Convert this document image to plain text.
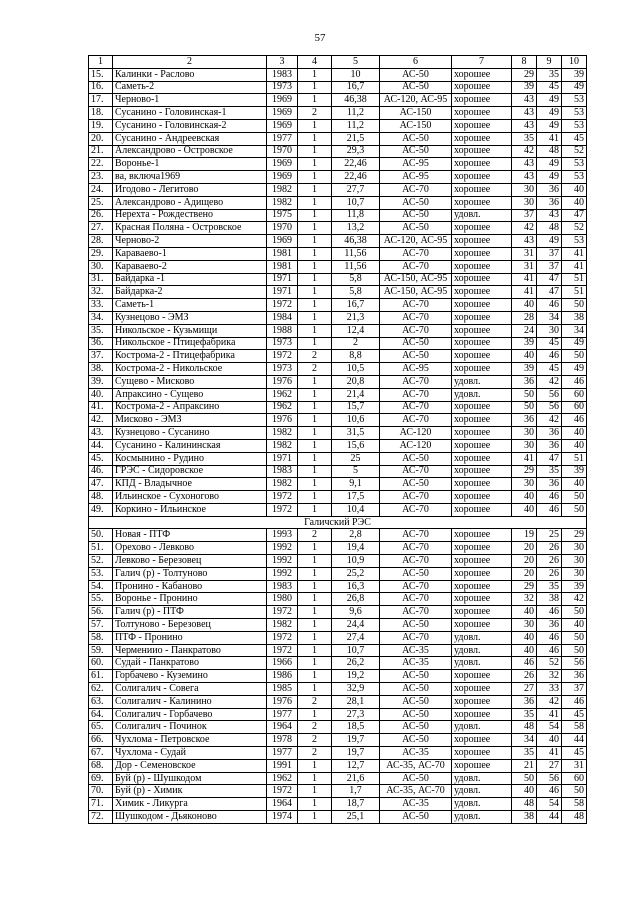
57
1	2	3	4	5	6	7	8	9	10
15.	Калинки - Раслово	1983	1	10	АС-50	хорошее	29	35	39
16.	Саметь-2	1973	1	16,7	АС-50	хорошее	39	45	49
17.	Черново-1	1969	1	46,38	АС-120, АС-95	хорошее	43	49	53
18.	Сусанино - Головинская-1	1969	2	11,2	АС-150	хорошее	43	49	53
19.	Сусанино - Головинская-2	1969	1	11,2	АС-150	хорошее	43	49	53
20.	Сусанино - Андреевская	1977	1	21,5	АС-50	хорошее	35	41	45
21.	Александрово - Островское	1970	1	29,3	АС-50	хорошее	42	48	52
22.	Воронье-1	1969	1	22,46	АС-95	хорошее	43	49	53
23.	ва, включа1969	1969	1	22,46	АС-95	хорошее	43	49	53
24.	Игодово - Легитово	1982	1	27,7	АС-70	хорошее	30	36	40
25.	Александрово - Адищево	1982	1	10,7	АС-50	хорошее	30	36	40
26.	Нерехта - Рождествено	1975	1	11,8	АС-50	удовл.	37	43	47
27.	Красная Поляна - Островское	1970	1	13,2	АС-50	хорошее	42	48	52
28.	Черново-2	1969	1	46,38	АС-120, АС-95	хорошее	43	49	53
29.	Караваево-1	1981	1	11,56	АС-70	хорошее	31	37	41
30.	Караваево-2	1981	1	11,56	АС-70	хорошее	31	37	41
31.	Байдарка -1	1971	1	5,8	АС-150, АС-95	хорошее	41	47	51
32.	Байдарка-2	1971	1	5,8	АС-150, АС-95	хорошее	41	47	51
33.	Саметь-1	1972	1	16,7	АС-70	хорошее	40	46	50
34.	Кузнецово - ЭМЗ	1984	1	21,3	АС-70	хорошее	28	34	38
35.	Никольское - Кузьмищи	1988	1	12,4	АС-70	хорошее	24	30	34
36.	Никольское - Птицефабрика	1973	1	2	АС-50	хорошее	39	45	49
37.	Кострома-2 - Птицефабрика	1972	2	8,8	АС-50	хорошее	40	46	50
38.	Кострома-2 - Никольское	1973	2	10,5	АС-95	хорошее	39	45	49
39.	Сущево - Мисково	1976	1	20,8	АС-70	удовл.	36	42	46
40.	Апраксино - Сущево	1962	1	21,4	АС-70	удовл.	50	56	60
41.	Кострома-2 - Апраксино	1962	1	15,7	АС-70	хорошее	50	56	60
42.	Мисково - ЭМЗ	1976	1	10,6	АС-70	хорошее	36	42	46
43.	Кузнецово - Сусанино	1982	1	31,5	АС-120	хорошее	30	36	40
44.	Сусанино - Калининская	1982	1	15,6	АС-120	хорошее	30	36	40
45.	Космынино - Рудино	1971	1	25	АС-50	хорошее	41	47	51
46.	ГРЭС - Сидоровское	1983	1	5	АС-70	хорошее	29	35	39
47.	КПД - Владычное	1982	1	9,1	АС-50	хорошее	30	36	40
48.	Ильинское - Сухоногово	1972	1	17,5	АС-70	хорошее	40	46	50
49.	Коркино - Ильинское	1972	1	10,4	АС-70	хорошее	40	46	50
Галичский РЭС									
50.	Новая - ПТФ	1993	2	2,8	АС-70	хорошее	19	25	29
51.	Орехово - Левково	1992	1	19,4	АС-70	хорошее	20	26	30
52.	Левково - Березовец	1992	1	10,9	АС-70	хорошее	20	26	30
53.	Галич (р) - Толтуново	1992	1	25,2	АС-50	хорошее	20	26	30
54.	Пронино - Кабаново	1983	1	16,3	АС-70	хорошее	29	35	39
55.	Воронье - Пронино	1980	1	26,8	АС-70	хорошее	32	38	42
56.	Галич (р) - ПТФ	1972	1	9,6	АС-70	хорошее	40	46	50
57.	Толтуново - Березовец	1982	1	24,4	АС-50	хорошее	30	36	40
58.	ПТФ - Пронино	1972	1	27,4	АС-70	удовл.	40	46	50
59.	Чермениио - Панкратово	1972	1	10,7	АС-35	удовл.	40	46	50
60.	Судай - Панкратово	1966	1	26,2	АС-35	удовл.	46	52	56
61.	Горбачево - Куземино	1986	1	19,2	АС-50	хорошее	26	32	36
62.	Солигалич - Совега	1985	1	32,9	АС-50	хорошее	27	33	37
63.	Солигалич - Калинино	1976	2	28,1	АС-50	хорошее	36	42	46
64.	Солигалич - Горбачево	1977	1	27,3	АС-50	хорошее	35	41	45
65.	Солигалич - Починок	1964	2	18,5	АС-50	удовл.	48	54	58
66.	Чухлома - Петровское	1978	2	19,7	АС-50	хорошее	34	40	44
67.	Чухлома - Судай	1977	2	19,7	АС-35	хорошее	35	41	45
68.	Дор - Семеновское	1991	1	12,7	АС-35, АС-70	хорошее	21	27	31
69.	Буй (р) - Шушкодом	1962	1	21,6	АС-50	удовл.	50	56	60
70.	Буй (р) - Химик	1972	1	1,7	АС-35, АС-70	удовл.	40	46	50
71.	Химик - Ликурга	1964	1	18,7	АС-35	удовл.	48	54	58
72.	Шушкодом - Дьяконово	1974	1	25,1	АС-50	удовл.	38	44	48
